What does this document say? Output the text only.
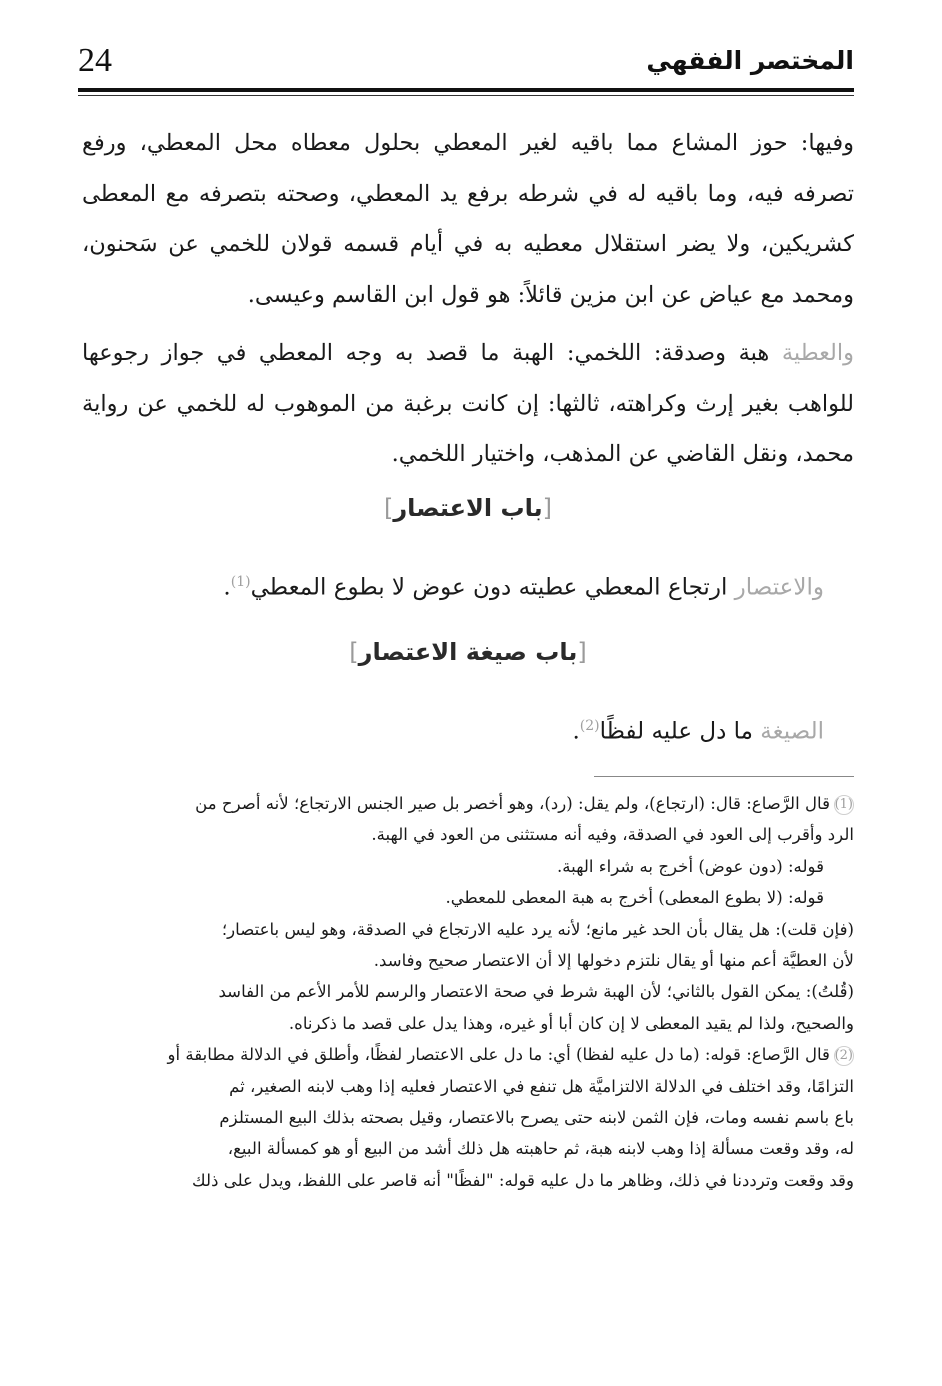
24	المختصر الفقهي

وفيها: حوز المشاع مما باقيه لغير المعطي بحلول معطاه محل المعطي، ورفع تصرفه فيه، وما باقيه له في شرطه برفع يد المعطي، وصحته بتصرفه مع المعطى كشريكين، ولا يضر استقلال معطيه به في أيام قسمه قولان للخمي عن سَحنون، ومحمد مع عياض عن ابن مزين قائلاً: هو قول ابن القاسم وعيسى.

والعطية هبة وصدقة: اللخمي: الهبة ما قصد به وجه المعطي في جواز رجوعها للواهب بغير إرث وكراهته، ثالثها: إن كانت برغبة من الموهوب له للخمي عن رواية محمد، ونقل القاضي عن المذهب، واختيار اللخمي.

[باب الاعتصار]

والاعتصار ارتجاع المعطي عطيته دون عوض لا بطوع المعطي$^{(1)}$.

[باب صيغة الاعتصار]

الصيغة ما دل عليه لفظًا$^{(2)}$.

(1)قال الرَّصاع: قال: (ارتجاع)، ولم يقل: (رد)، وهو أخصر بل صير الجنس الارتجاع؛ لأنه أصرح من

الرد وأقرب إلى العود في الصدقة، وفيه أنه مستثنى من العود في الهبة.

قوله: (دون عوض) أخرج به شراء الهبة.

قوله: (لا بطوع المعطى) أخرج به هبة المعطى للمعطي.

(فإن قلت): هل يقال بأن الحد غير مانع؛ لأنه يرد عليه الارتجاع في الصدقة، وهو ليس باعتصار؛

لأن العطيَّة أعم منها أو يقال نلتزم دخولها إلا أن الاعتصار صحيح وفاسد.

(قُلتُ): يمكن القول بالثاني؛ لأن الهبة شرط في صحة الاعتصار والرسم للأمر الأعم من الفاسد

والصحيح، ولذا لم يقيد المعطى لا إن كان أبا أو غيره، وهذا يدل على قصد ما ذكرناه.

(2)قال الرَّصاع: قوله: (ما دل عليه لفظا) أي: ما دل على الاعتصار لفظًا، وأطلق في الدلالة مطابقة أو

التزامًا، وقد اختلف في الدلالة الالتزاميَّة هل تنفع في الاعتصار فعليه إذا وهب لابنه الصغير، ثم

باع باسم نفسه ومات، فإن الثمن لابنه حتى يصرح بالاعتصار، وقيل بصحته بذلك البيع المستلزم

له، وقد وقعت مسألة إذا وهب لابنه هبة، ثم حاهبته هل ذلك أشد من البيع أو هو كمسألة البيع،

وقد وقعت وترددنا في ذلك، وظاهر ما دل عليه قوله: "لفظًا" أنه قاصر على اللفظ، ويدل على ذلك
